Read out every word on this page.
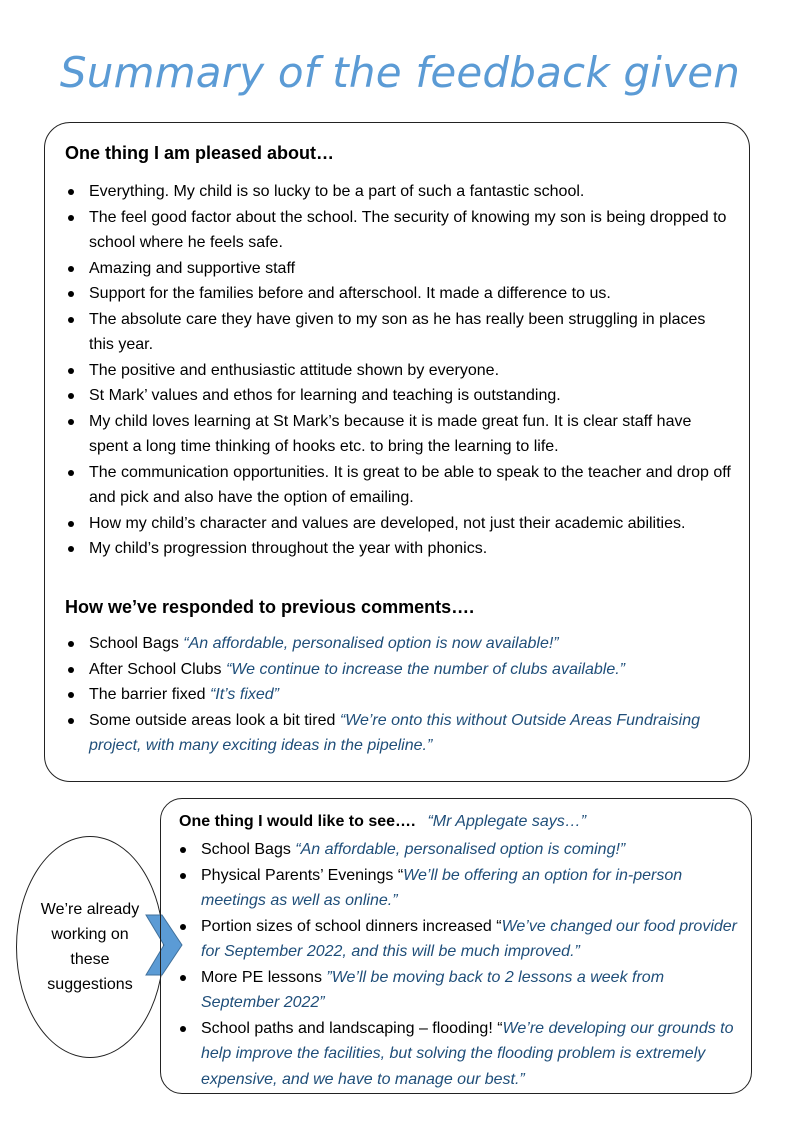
Summary of the feedback given
One thing I am pleased about…
Everything. My child is so lucky to be a part of such a fantastic school.
The feel good factor about the school. The security of knowing my son is being dropped to school where he feels safe.
Amazing and supportive staff
Support for the families before and afterschool. It made a difference to us.
The absolute care they have given to my son as he has really been struggling in places this year.
The positive and enthusiastic attitude shown by everyone.
St Mark’ values and ethos for learning and teaching is outstanding.
My child loves learning at St Mark’s because it is made great fun. It is clear staff have spent a long time thinking of hooks etc. to bring the learning to life.
The communication opportunities. It is great to be able to speak to the teacher and drop off and pick and also have the option of emailing.
How my child’s character and values are developed, not just their academic abilities.
My child’s progression throughout the year with phonics.
How we’ve responded to previous comments….
School Bags “An affordable, personalised option is now available!”
After School Clubs “We continue to increase the number of clubs available.”
The barrier fixed “It’s fixed”
Some outside areas look a bit tired “We’re onto this without Outside Areas Fundraising project, with many exciting ideas in the pipeline.”
We’re already working on these suggestions
One thing I would like to see…. “Mr Applegate says…”
School Bags “An affordable, personalised option is coming!”
Physical Parents’ Evenings “We’ll be offering an option for in-person meetings as well as online.”
Portion sizes of school dinners increased “We’ve changed our food provider for September 2022, and this will be much improved.”
More PE lessons ”We’ll be moving back to 2 lessons a week from September 2022”
School paths and landscaping – flooding! “We’re developing our grounds to help improve the facilities, but solving the flooding problem is extremely expensive, and we have to manage our best.”
